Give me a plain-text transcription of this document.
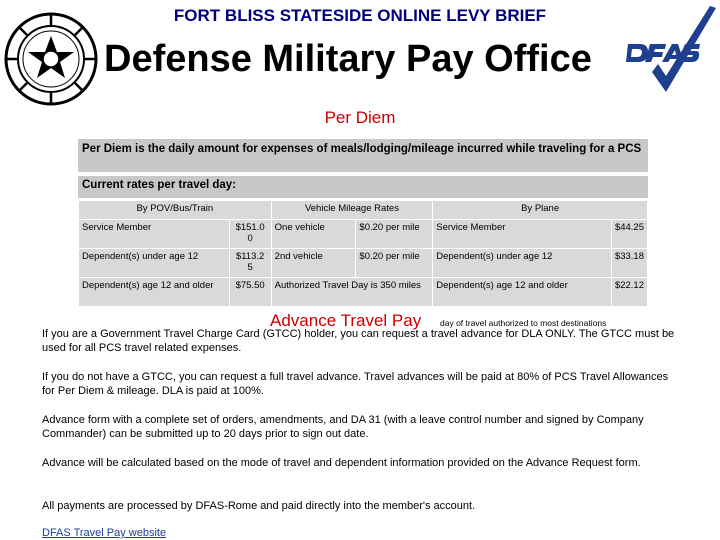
FORT BLISS STATESIDE ONLINE LEVY BRIEF
Defense Military Pay Office
Per Diem
Per Diem is the daily amount for expenses of meals/lodging/mileage incurred while traveling for a PCS
Current rates per travel day:
By POV/Bus/Train		Vehicle Mileage Rates		By Plane	
Service Member	$151.0 0	One vehicle	$0.20 per mile	Service Member	$44.25
Dependent(s) under age 12	$113.2 5	2nd vehicle	$0.20 per mile	Dependent(s) under age 12	$33.18
Dependent(s) age 12 and older	$75.50	Authorized Travel Day is 350 miles		Dependent(s) age 12 and older	$22.12
day of travel authorized to most destinations
Advance Travel Pay
If you are a Government Travel Charge Card (GTCC) holder, you can request a travel advance for DLA ONLY. The GTCC must be used for all PCS travel related expenses.
If you do not have a GTCC, you can request a full travel advance. Travel advances will be paid at 80% of PCS Travel Allowances for Per Diem & mileage. DLA is paid at 100%.
Advance form with a complete set of orders, amendments, and DA 31 (with a leave control number and signed by Company Commander) can be submitted up to 20 days prior to sign out date.
Advance will be calculated based on the mode of travel and dependent information provided on the Advance Request form.
All payments are processed by DFAS-Rome and paid directly into the member's account.
DFAS Travel Pay website
